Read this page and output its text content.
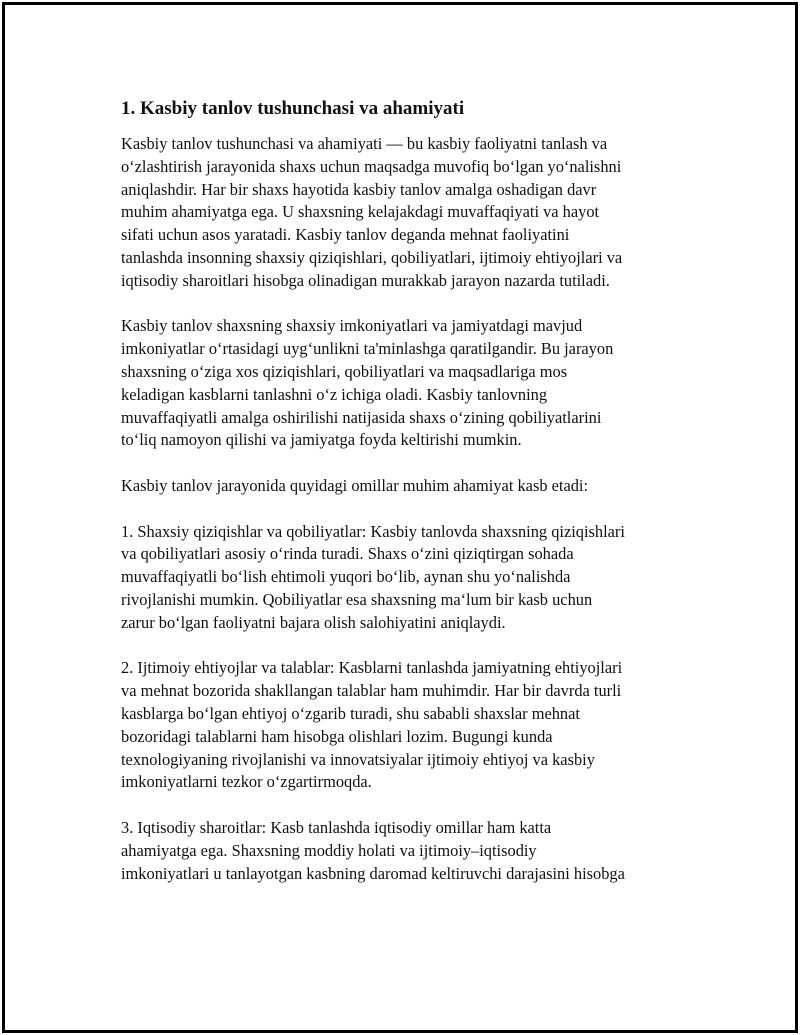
1. Kasbiy tanlov tushunchasi va ahamiyati

Kasbiy tanlov tushunchasi va ahamiyati — bu kasbiy faoliyatni tanlash va
oʻzlashtirish jarayonida shaxs uchun maqsadga muvofiq boʻlgan yoʻnalishni
aniqlashdir. Har bir shaxs hayotida kasbiy tanlov amalga oshadigan davr
muhim ahamiyatga ega. U shaxsning kelajakdagi muvaffaqiyati va hayot
sifati uchun asos yaratadi. Kasbiy tanlov deganda mehnat faoliyatini
tanlashda insonning shaxsiy qiziqishlari, qobiliyatlari, ijtimoiy ehtiyojlari va
iqtisodiy sharoitlari hisobga olinadigan murakkab jarayon nazarda tutiladi.

Kasbiy tanlov shaxsning shaxsiy imkoniyatlari va jamiyatdagi mavjud
imkoniyatlar oʻrtasidagi uygʻunlikni ta'minlashga qaratilgandir. Bu jarayon
shaxsning oʻziga xos qiziqishlari, qobiliyatlari va maqsadlariga mos
keladigan kasblarni tanlashni oʻz ichiga oladi. Kasbiy tanlovning
muvaffaqiyatli amalga oshirilishi natijasida shaxs oʻzining qobiliyatlarini
toʻliq namoyon qilishi va jamiyatga foyda keltirishi mumkin.

Kasbiy tanlov jarayonida quyidagi omillar muhim ahamiyat kasb etadi:

1. Shaxsiy qiziqishlar va qobiliyatlar: Kasbiy tanlovda shaxsning qiziqishlari
va qobiliyatlari asosiy oʻrinda turadi. Shaxs oʻzini qiziqtirgan sohada
muvaffaqiyatli boʻlish ehtimoli yuqori boʻlib, aynan shu yoʻnalishda
rivojlanishi mumkin. Qobiliyatlar esa shaxsning maʻlum bir kasb uchun
zarur boʻlgan faoliyatni bajara olish salohiyatini aniqlaydi.

2. Ijtimoiy ehtiyojlar va talablar: Kasblarni tanlashda jamiyatning ehtiyojlari
va mehnat bozorida shakllangan talablar ham muhimdir. Har bir davrda turli
kasblarga boʻlgan ehtiyoj oʻzgarib turadi, shu sababli shaxslar mehnat
bozoridagi talablarni ham hisobga olishlari lozim. Bugungi kunda
texnologiyaning rivojlanishi va innovatsiyalar ijtimoiy ehtiyoj va kasbiy
imkoniyatlarni tezkor oʻzgartirmoqda.

3. Iqtisodiy sharoitlar: Kasb tanlashda iqtisodiy omillar ham katta
ahamiyatga ega. Shaxsning moddiy holati va ijtimoiy–iqtisodiy
imkoniyatlari u tanlayotgan kasbning daromad keltiruvchi darajasini hisobga
